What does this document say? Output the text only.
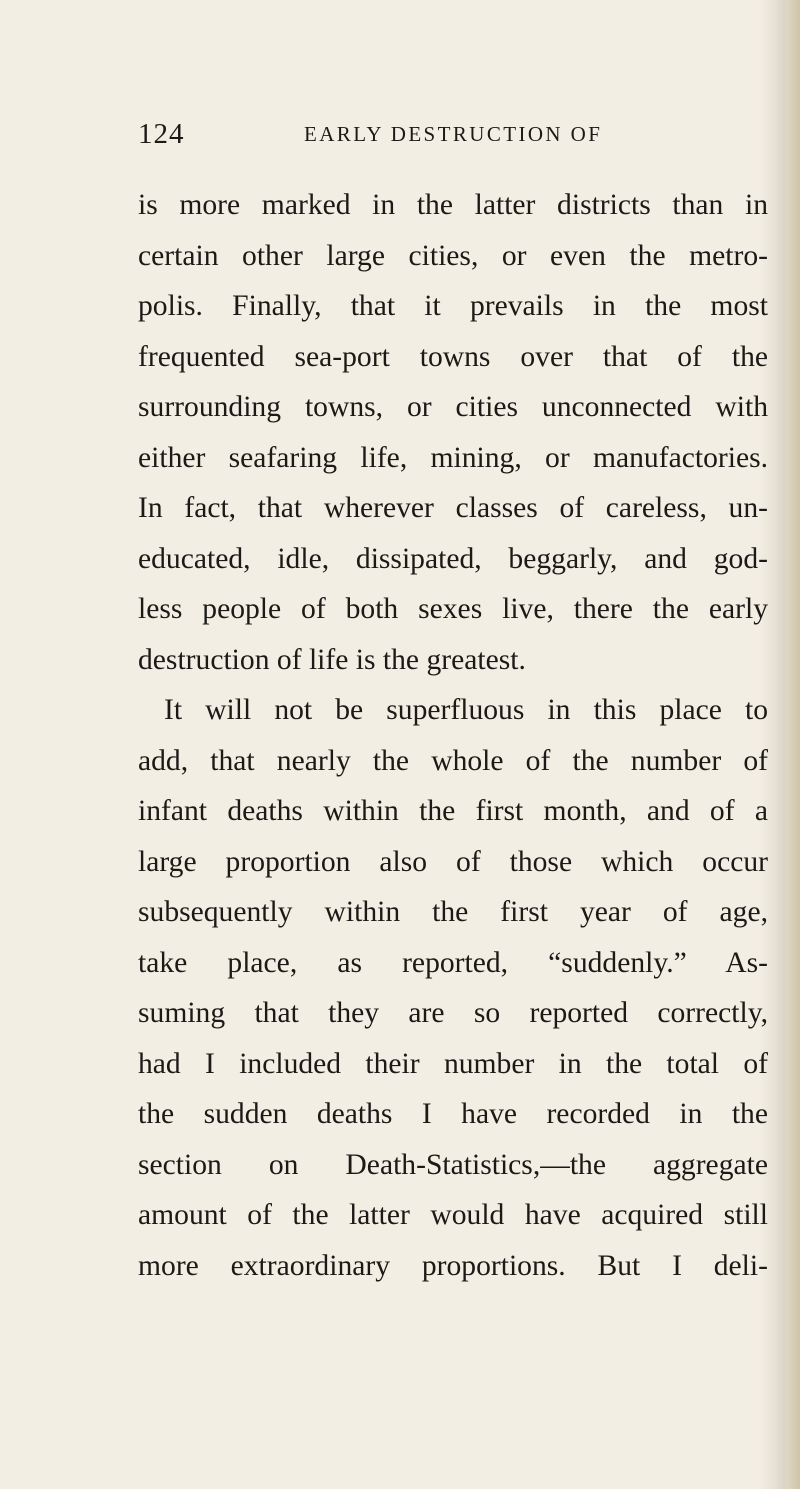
124	EARLY DESTRUCTION OF
is more marked in the latter districts than in
certain other large cities, or even the metro-
polis. Finally, that it prevails in the most
frequented sea-port towns over that of the
surrounding towns, or cities unconnected with
either seafaring life, mining, or manufactories.
In fact, that wherever classes of careless, un-
educated, idle, dissipated, beggarly, and god-
less people of both sexes live, there the early
destruction of life is the greatest.
It will not be superfluous in this place to
add, that nearly the whole of the number of
infant deaths within the first month, and of a
large proportion also of those which occur
subsequently within the first year of age,
take place, as reported, “suddenly.” As-
suming that they are so reported correctly,
had I included their number in the total of
the sudden deaths I have recorded in the
section on Death-Statistics,—the aggregate
amount of the latter would have acquired still
more extraordinary proportions. But I deli-
